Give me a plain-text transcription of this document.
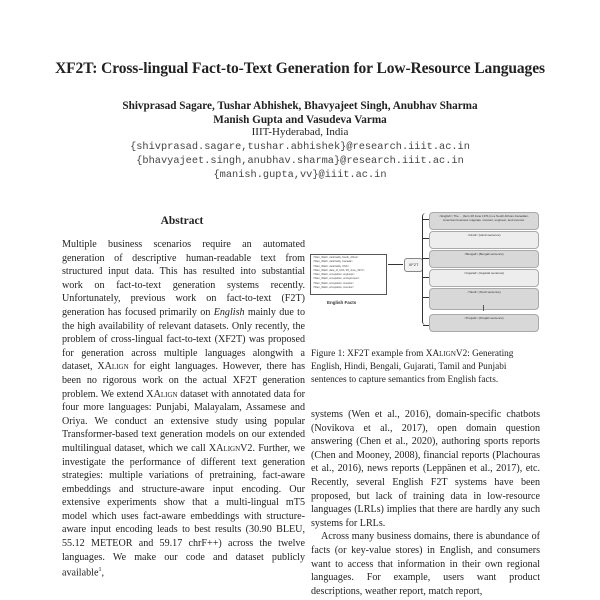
XF2T: Cross-lingual Fact-to-Text Generation for Low-Resource Languages
Shivprasad Sagare, Tushar Abhishek, Bhavyajeet Singh, Anubhav Sharma
Manish Gupta and Vasudeva Varma
IIIT-Hyderabad, India
{shivprasad.sagare,tushar.abhishek}@research.iiit.ac.in
{bhavyajeet.singh,anubhav.sharma}@research.iiit.ac.in
{manish.gupta,vv}@iiit.ac.in
Abstract

Multiple business scenarios require an automated generation of descriptive human-readable text from structured input data. This has resulted into substantial work on fact-to-text generation systems recently. Unfortunately, previous work on fact-to-text (F2T) generation has focused primarily on English mainly due to the high availability of relevant datasets. Only recently, the problem of cross-lingual fact-to-text (XF2T) was proposed for generation across multiple languages alongwith a dataset, XAlign for eight languages. However, there has been no rigorous work on the actual XF2T generation problem. We extend XAlign dataset with annotated data for four more languages: Punjabi, Malayalam, Assamese and Oriya. We conduct an extensive study using popular Transformer-based text generation models on our extended multilingual dataset, which we call XAlignV2. Further, we investigate the performance of different text generation strategies: multiple variations of pretraining, fact-aware embeddings and structure-aware input encoding. Our extensive experiments show that a multi-lingual mT5 model which uses fact-aware embeddings with structure-aware input encoding leads to best results (30.90 BLEU, 55.12 METEOR and 59.17 chrF++) across the twelve languages. We make our code and dataset publicly available$^1$,

<Wen_Wash, nationality, South_Africa>
<Wen_Wash, nationality, Canada>
<Wen_Wash, nationality, USA>
<Wen_Wash, date_of_birth, 28_June_1971>
<Wen_Wash, occupation, engineer>
<Wen_Wash, occupation, entrepreneur>
<Wen_Wash, occupation, investor>
<Wen_Wash, occupation, inventor>
English Facts
XF2T
<English> The ... (born 28 June 1971) is a South African-Canadian-American business magnate, investor, engineer, and inventor.
<Hindi> (Hindi sentence)
<Bengali> (Bengali sentence)
<Gujarati> (Gujarati sentence)
<Tamil> (Tamil sentence)
<Punjabi> (Punjabi sentence)
Figure 1: XF2T example from XAlignV2: Generating English, Hindi, Bengali, Gujarati, Tamil and Punjabi sentences to capture semantics from English facts.

systems (Wen et al., 2016), domain-specific chatbots (Novikova et al., 2017), open domain question answering (Chen et al., 2020), authoring sports reports (Chen and Mooney, 2008), financial reports (Plachouras et al., 2016), news reports (Leppänen et al., 2017), etc. Recently, several English F2T systems have been proposed, but lack of training data in low-resource languages (LRLs) implies that there are hardly any such systems for LRLs.

Across many business domains, there is abundance of facts (or key-value stores) in English, and consumers want to access that information in their own regional languages. For example, users want product descriptions, weather report, match report,
